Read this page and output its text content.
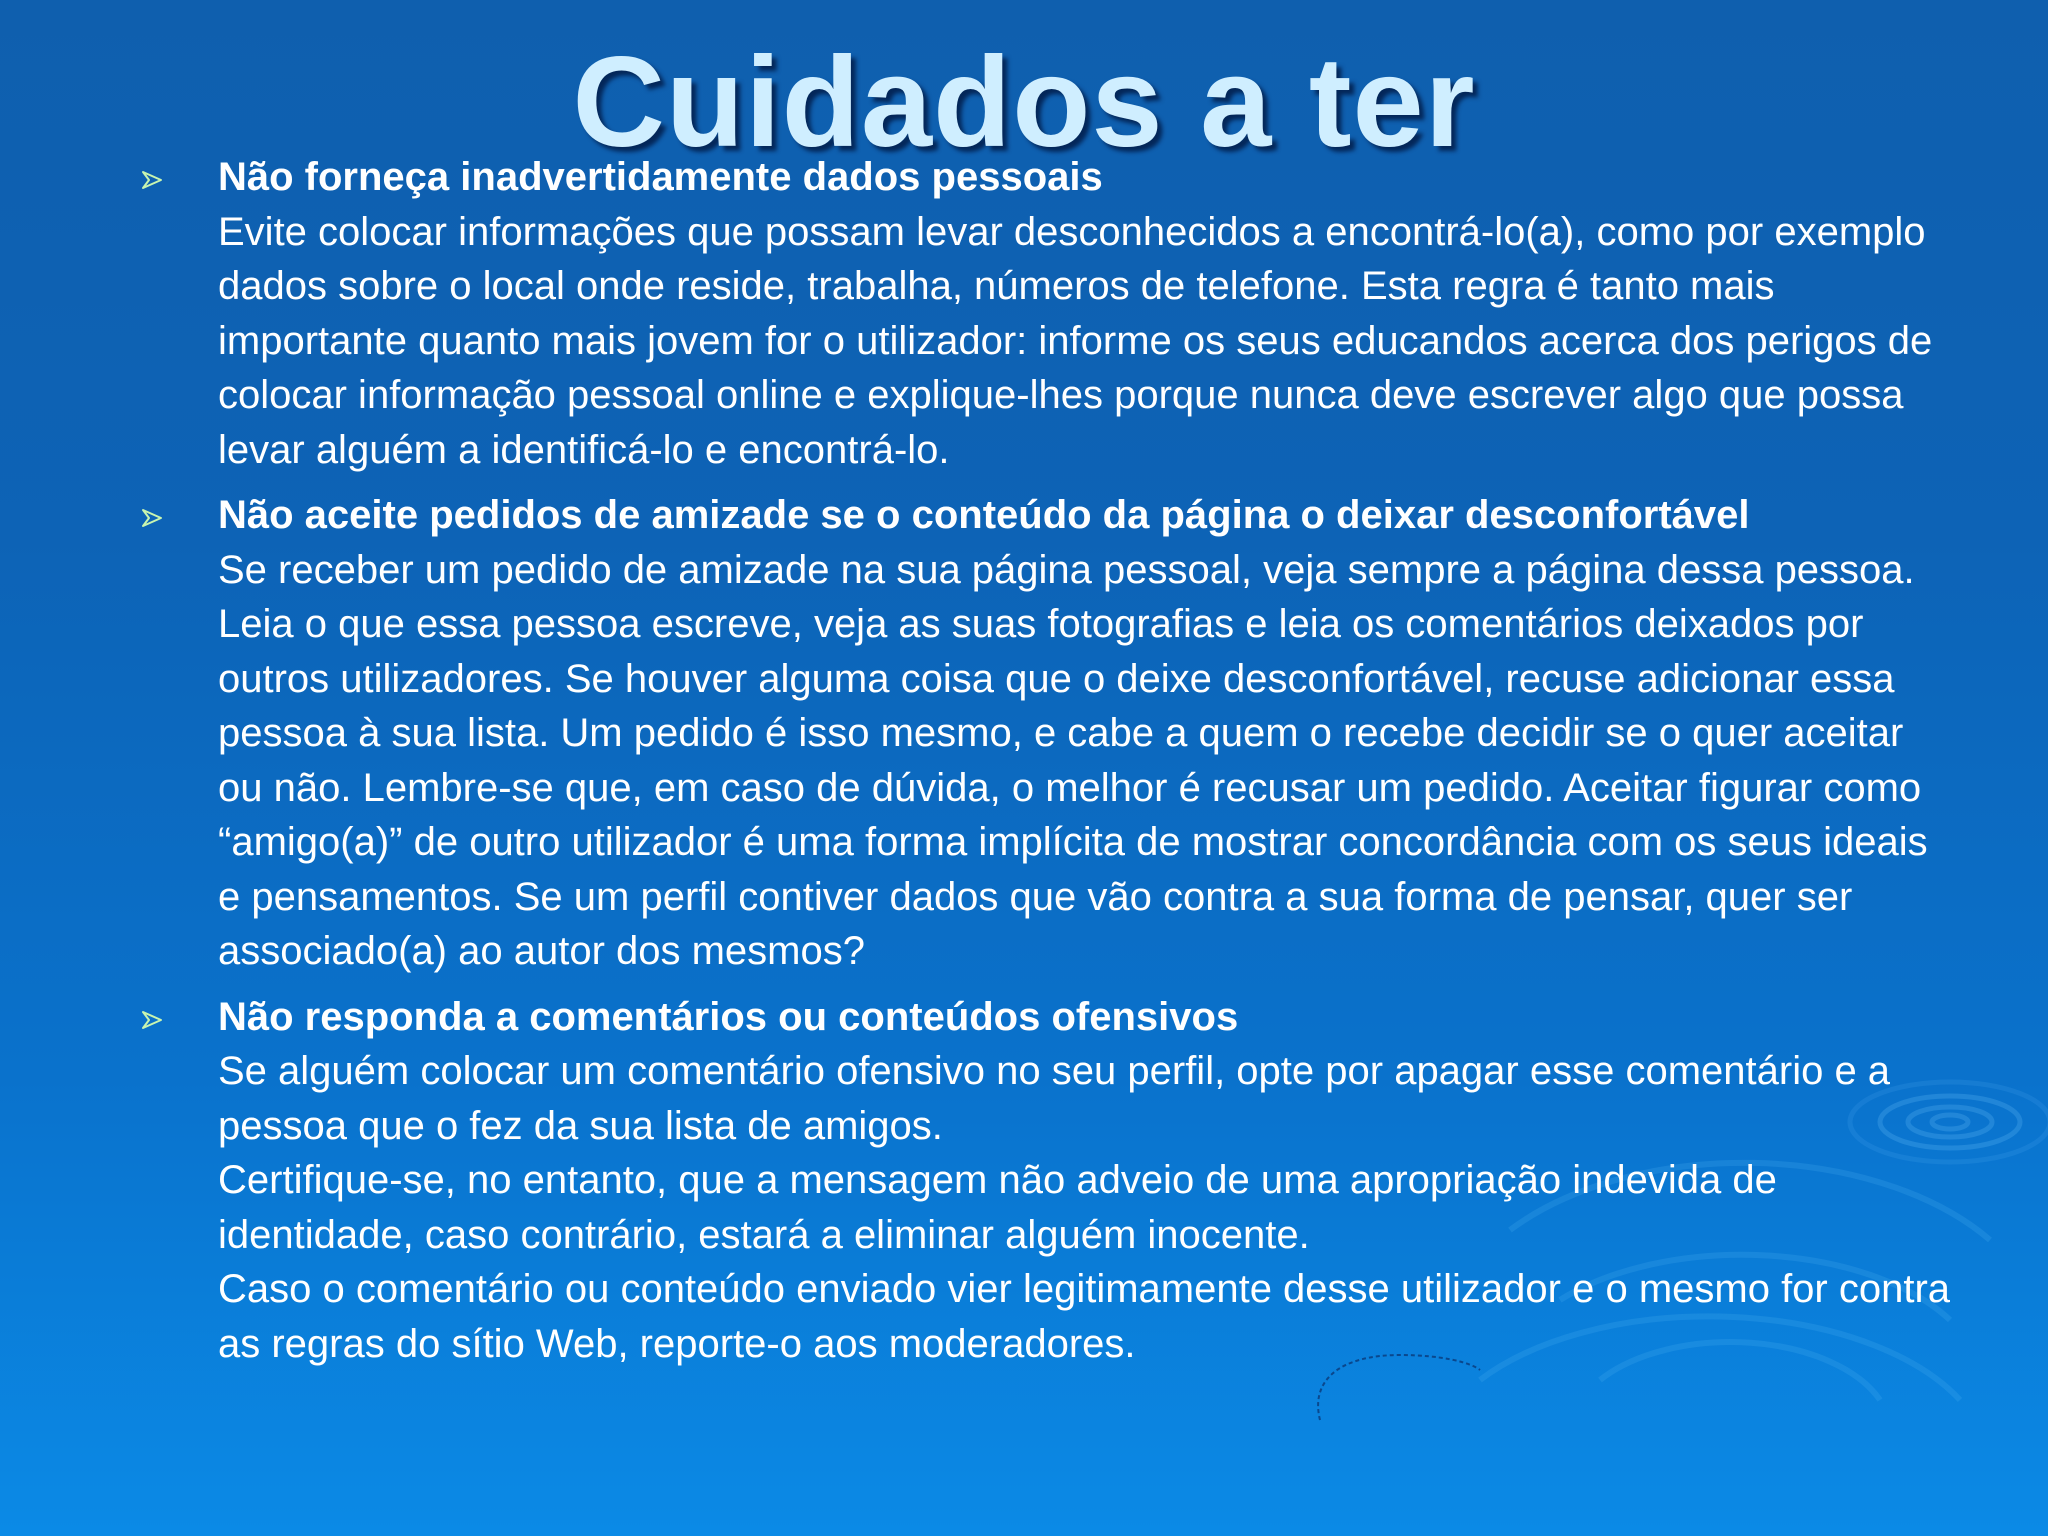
Cuidados a ter
Não forneça inadvertidamente dados pessoais
Evite colocar informações que possam levar desconhecidos a encontrá-lo(a), como por exemplo dados sobre o local onde reside, trabalha, números de telefone. Esta regra é tanto mais importante quanto mais jovem for o utilizador: informe os seus educandos acerca dos perigos de colocar informação pessoal online e explique-lhes porque nunca deve escrever algo que possa levar alguém a identificá-lo e encontrá-lo.
Não aceite pedidos de amizade se o conteúdo da página o deixar desconfortável
Se receber um pedido de amizade na sua página pessoal, veja sempre a página dessa pessoa. Leia o que essa pessoa escreve, veja as suas fotografias e leia os comentários deixados por outros utilizadores. Se houver alguma coisa que o deixe desconfortável, recuse adicionar essa pessoa à sua lista. Um pedido é isso mesmo, e cabe a quem o recebe decidir se o quer aceitar ou não. Lembre-se que, em caso de dúvida, o melhor é recusar um pedido. Aceitar figurar como “amigo(a)” de outro utilizador é uma forma implícita de mostrar concordância com os seus ideais e pensamentos. Se um perfil contiver dados que vão contra a sua forma de pensar, quer ser associado(a) ao autor dos mesmos?
Não responda a comentários ou conteúdos ofensivos
Se alguém colocar um comentário ofensivo no seu perfil, opte por apagar esse comentário e a pessoa que o fez da sua lista de amigos.
Certifique-se, no entanto, que a mensagem não adveio de uma apropriação indevida de identidade, caso contrário, estará a eliminar alguém inocente.
Caso o comentário ou conteúdo enviado vier legitimamente desse utilizador e o mesmo for contra as regras do sítio Web, reporte-o aos moderadores.
